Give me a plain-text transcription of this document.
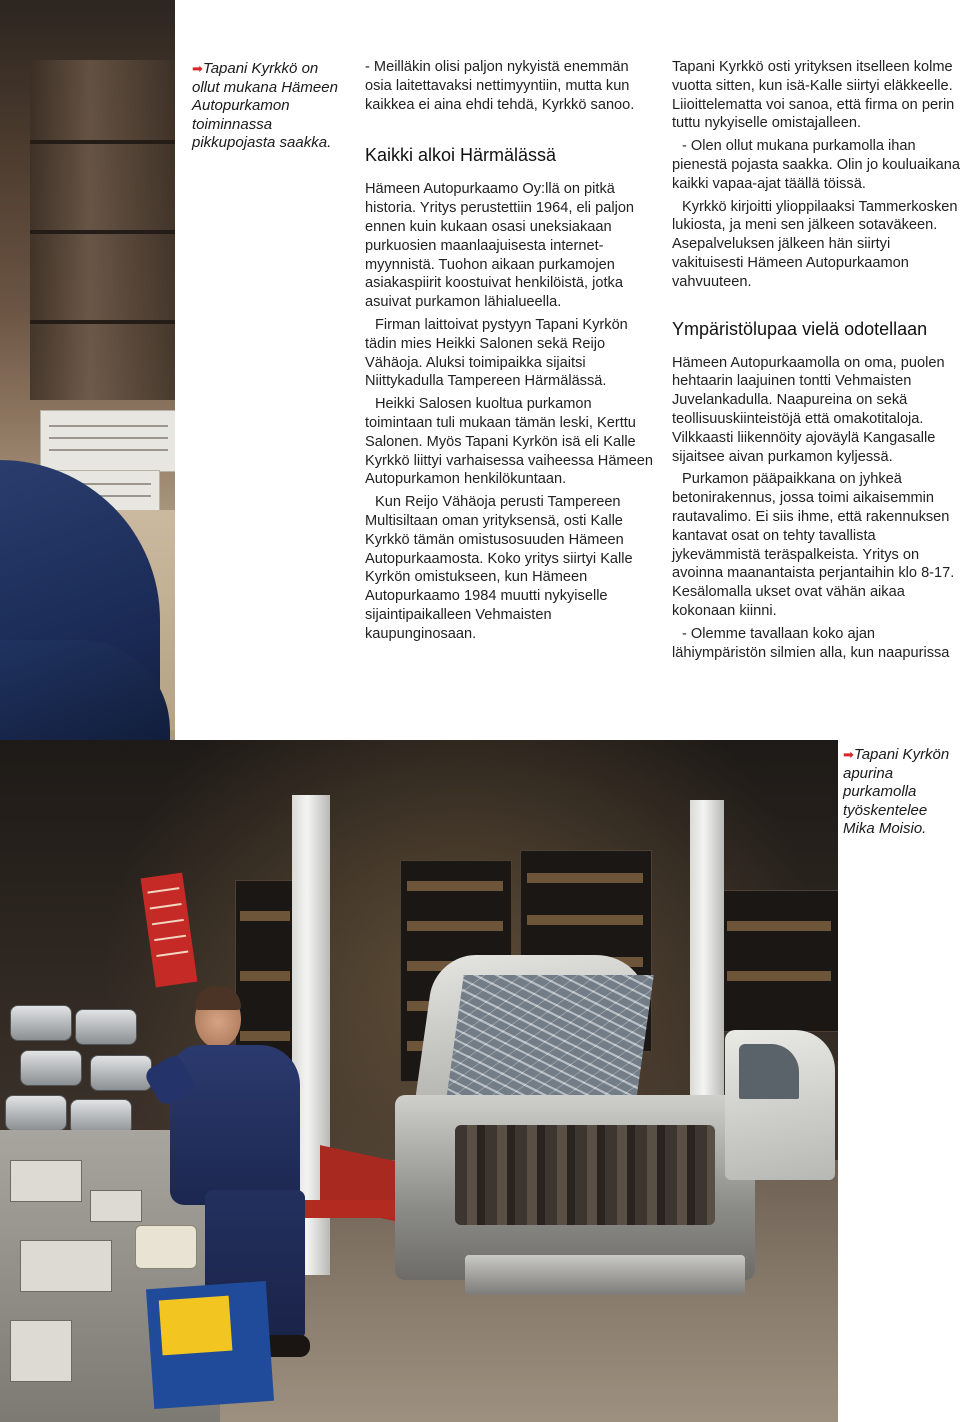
➡Tapani Kyrkkö on ollut mukana Hämeen Autopurkamon toiminnassa pikkupojasta saakka.

- Meilläkin olisi paljon nykyistä enemmän osia laitettavaksi nettimyyntiin, mutta kun kaikkea ei aina ehdi tehdä, Kyrkkö sanoo.

Kaikki alkoi Härmälässä

Hämeen Autopurkaamo Oy:llä on pitkä historia. Yritys perustettiin 1964, eli paljon ennen kuin kukaan osasi uneksiakaan purkuosien maanlaajuisesta internet-myynnistä. Tuohon aikaan purkamojen asiakaspiirit koostuivat henkilöistä, jotka asuivat purkamon lähialueella.

Firman laittoivat pystyyn Tapani Kyrkön tädin mies Heikki Salonen sekä Reijo Vähäoja. Aluksi toimipaikka sijaitsi Niittykadulla Tampereen Härmälässä.

Heikki Salosen kuoltua purkamon toimintaan tuli mukaan tämän leski, Kerttu Salonen. Myös Tapani Kyrkön isä eli Kalle Kyrkkö liittyi varhaisessa vaiheessa Hämeen Autopurkamon henkilökuntaan.

Kun Reijo Vähäoja perusti Tampereen Multisiltaan oman yrityksensä, osti Kalle Kyrkkö tämän omistusosuuden Hämeen Autopurkaamosta. Koko yritys siirtyi Kalle Kyrkön omistukseen, kun Hämeen Autopurkaamo 1984 muutti nykyiselle sijaintipaikalleen Vehmaisten kaupunginosaan.

Tapani Kyrkkö osti yrityksen itselleen kolme vuotta sitten, kun isä-Kalle siirtyi eläkkeelle. Liioittelematta voi sanoa, että firma on perin tuttu nykyiselle omistajalleen.

- Olen ollut mukana purkamolla ihan pienestä pojasta saakka. Olin jo kouluaikana kaikki vapaa-ajat täällä töissä.

Kyrkkö kirjoitti ylioppilaaksi Tammerkosken lukiosta, ja meni sen jälkeen sotaväkeen. Asepalveluksen jälkeen hän siirtyi vakituisesti Hämeen Autopurkaamon vahvuuteen.

Ympäristölupaa vielä odotellaan

Hämeen Autopurkaamolla on oma, puolen hehtaarin laajuinen tontti Vehmaisten Juvelankadulla. Naapureina on sekä teollisuuskiinteistöjä että omakotitaloja. Vilkkaasti liikennöity ajoväylä Kangasalle sijaitsee aivan purkamon kyljessä.

Purkamon pääpaikkana on jyhkeä betonirakennus, jossa toimi aikaisemmin rautavalimo. Ei siis ihme, että rakennuksen kantavat osat on tehty tavallista jykevämmistä teräspalkeista. Yritys on avoinna maanantaista perjantaihin klo 8-17. Kesälomalla ukset ovat vähän aikaa kokonaan kiinni.

- Olemme tavallaan koko ajan lähiympäristön silmien alla, kun naapurissa

➡Tapani Kyrkön apurina purkamolla työskentelee Mika Moisio.
